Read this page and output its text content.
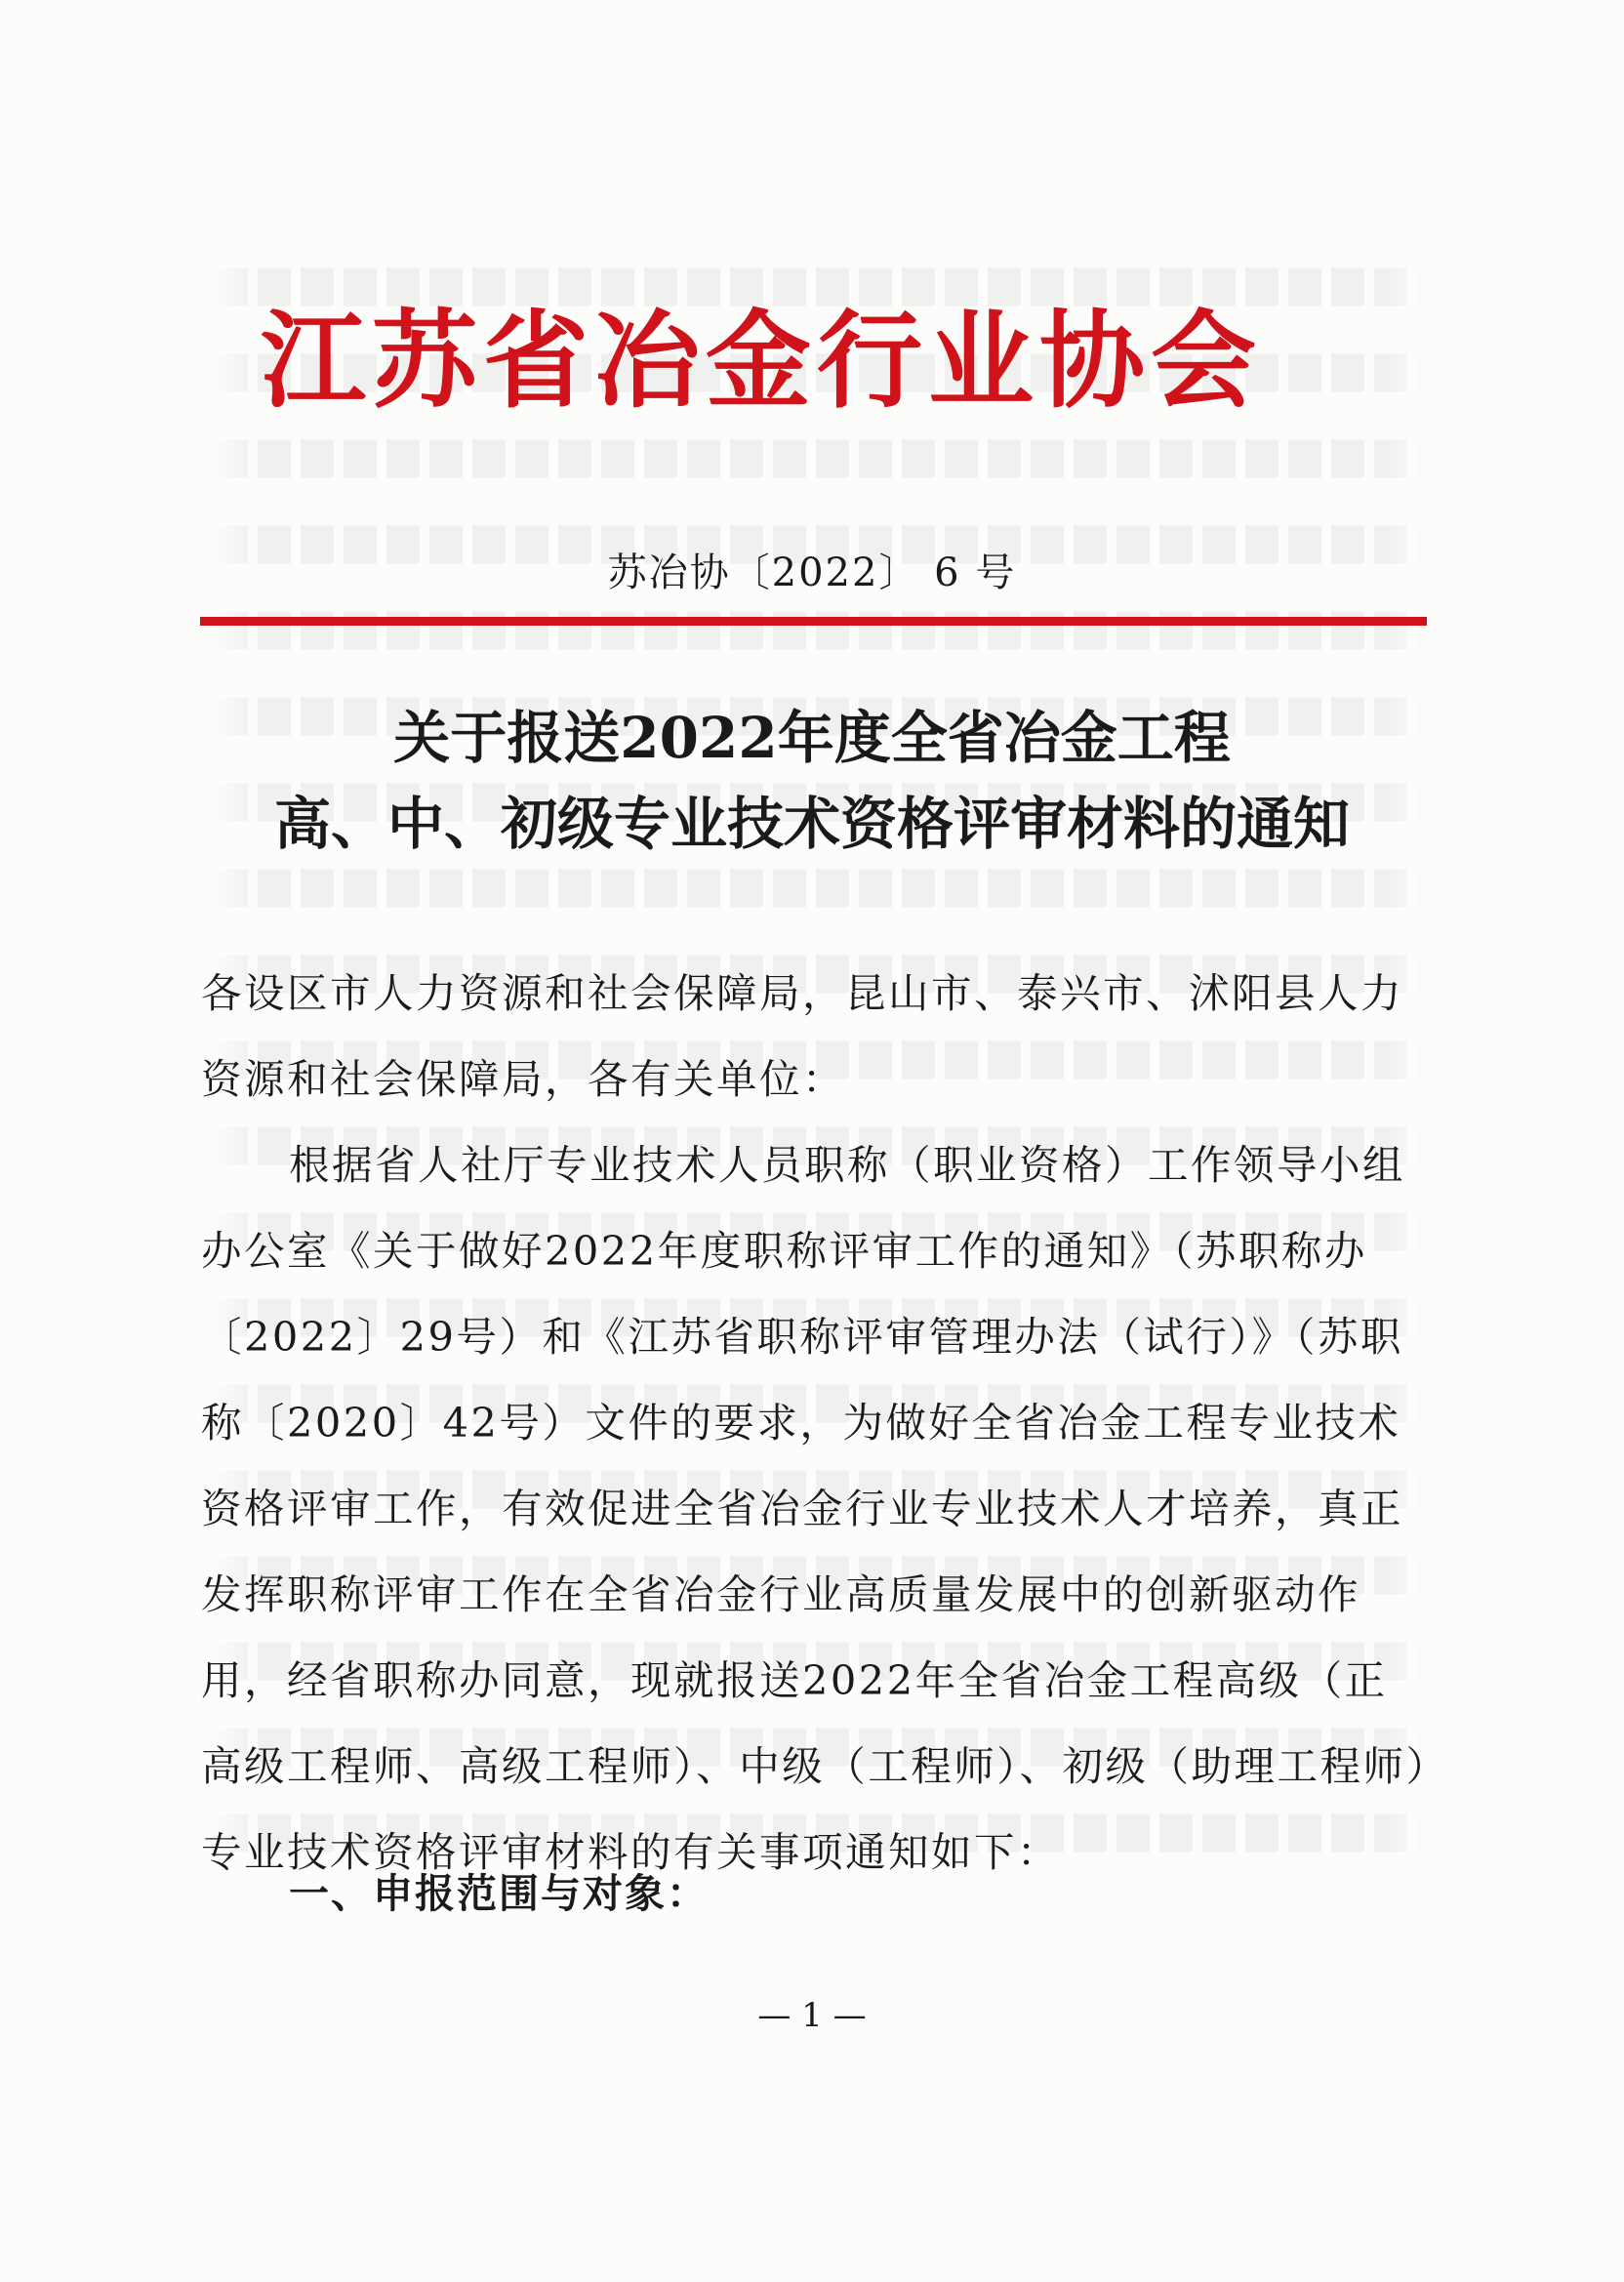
江苏省冶金行业协会
苏冶协〔2022〕 6 号
关于报送2022年度全省冶金工程
高、中、初级专业技术资格评审材料的通知
各设区市人力资源和社会保障局，昆山市、泰兴市、沭阳县人力
资源和社会保障局，各有关单位：
根据省人社厅专业技术人员职称（职业资格）工作领导小组
办公室《关于做好2022年度职称评审工作的通知》（苏职称办
〔2022〕29号）和《江苏省职称评审管理办法（试行）》（苏职
称〔2020〕42号）文件的要求，为做好全省冶金工程专业技术
资格评审工作，有效促进全省冶金行业专业技术人才培养，真正
发挥职称评审工作在全省冶金行业高质量发展中的创新驱动作
用，经省职称办同意，现就报送2022年全省冶金工程高级（正
高级工程师、高级工程师）、中级（工程师）、初级（助理工程师）
专业技术资格评审材料的有关事项通知如下：
一、申报范围与对象：
— 1 —
